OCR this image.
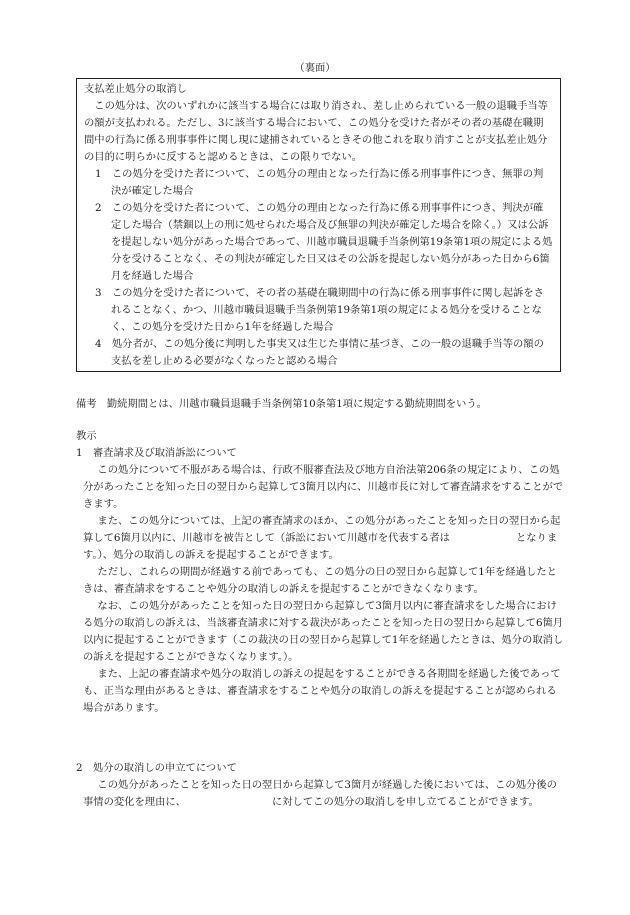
（裏面）

支払差止処分の取消し

この処分は、次のいずれかに該当する場合には取り消され、差し止められている一般の退職手当等の額が支払われる。ただし、3に該当する場合において、この処分を受けた者がその者の基礎在職期間中の行為に係る刑事事件に関し現に逮捕されているときその他これを取り消すことが支払差止処分の目的に明らかに反すると認めるときは、この限りでない。

1　この処分を受けた者について、この処分の理由となった行為に係る刑事事件につき、無罪の判決が確定した場合

2　この処分を受けた者について、この処分の理由となった行為に係る刑事事件につき、判決が確定した場合（禁錮以上の刑に処せられた場合及び無罪の判決が確定した場合を除く。）又は公訴を提起しない処分があった場合であって、川越市職員退職手当条例第19条第1項の規定による処分を受けることなく、その判決が確定した日又はその公訴を提起しない処分があった日から6箇月を経過した場合

3　この処分を受けた者について、その者の基礎在職期間中の行為に係る刑事事件に関し起訴をされることなく、かつ、川越市職員退職手当条例第19条第1項の規定による処分を受けることなく、この処分を受けた日から1年を経過した場合

4　処分者が、この処分後に判明した事実又は生じた事情に基づき、この一般の退職手当等の額の支払を差し止める必要がなくなったと認める場合

備考　勤続期間とは、川越市職員退職手当条例第10条第1項に規定する勤続期間をいう。

教示

1　審査請求及び取消訴訟について

この処分について不服がある場合は、行政不服審査法及び地方自治法第206条の規定により、この処分があったことを知った日の翌日から起算して3箇月以内に、川越市長に対して審査請求をすることができます。

また、この処分については、上記の審査請求のほか、この処分があったことを知った日の翌日から起算して6箇月以内に、川越市を被告として（訴訟において川越市を代表する者は	となります。）、処分の取消しの訴えを提起することができます。

ただし、これらの期間が経過する前であっても、この処分の日の翌日から起算して1年を経過したときは、審査請求をすることや処分の取消しの訴えを提起することができなくなります。

なお、この処分があったことを知った日の翌日から起算して3箇月以内に審査請求をした場合における処分の取消しの訴えは、当該審査請求に対する裁決があったことを知った日の翌日から起算して6箇月以内に提起することができます（この裁決の日の翌日から起算して1年を経過したときは、処分の取消しの訴えを提起することができなくなります。）。

また、上記の審査請求や処分の取消しの訴えの提起をすることができる各期間を経過した後であっても、正当な理由があるときは、審査請求をすることや処分の取消しの訴えを提起することが認められる場合があります。

2　処分の取消しの申立てについて

この処分があったことを知った日の翌日から起算して3箇月が経過した後においては、この処分後の事情の変化を理由に、	に対してこの処分の取消しを申し立てることができます。
